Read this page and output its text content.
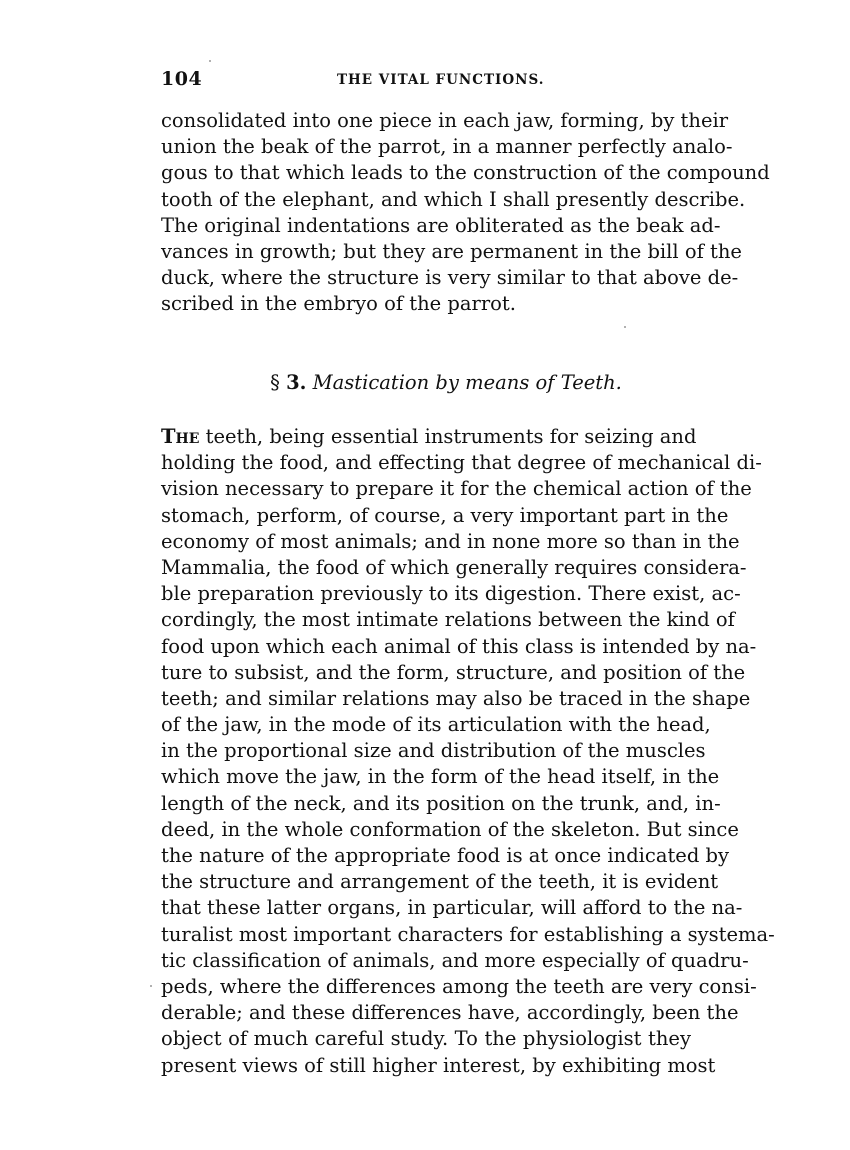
104	THE VITAL FUNCTIONS.
consolidated into one piece in each jaw, forming, by their
union the beak of the parrot, in a manner perfectly analo-
gous to that which leads to the construction of the compound
tooth of the elephant, and which I shall presently describe.
The original indentations are obliterated as the beak ad-
vances in growth; but they are permanent in the bill of the
duck, where the structure is very similar to that above de-
scribed in the embryo of the parrot.
§ 3. Mastication by means of Teeth.
The teeth, being essential instruments for seizing and
holding the food, and effecting that degree of mechanical di-
vision necessary to prepare it for the chemical action of the
stomach, perform, of course, a very important part in the
economy of most animals; and in none more so than in the
Mammalia, the food of which generally requires considera-
ble preparation previously to its digestion. There exist, ac-
cordingly, the most intimate relations between the kind of
food upon which each animal of this class is intended by na-
ture to subsist, and the form, structure, and position of the
teeth; and similar relations may also be traced in the shape
of the jaw, in the mode of its articulation with the head,
in the proportional size and distribution of the muscles
which move the jaw, in the form of the head itself, in the
length of the neck, and its position on the trunk, and, in-
deed, in the whole conformation of the skeleton. But since
the nature of the appropriate food is at once indicated by
the structure and arrangement of the teeth, it is evident
that these latter organs, in particular, will afford to the na-
turalist most important characters for establishing a systema-
tic classification of animals, and more especially of quadru-
peds, where the differences among the teeth are very consi-
derable; and these differences have, accordingly, been the
object of much careful study. To the physiologist they
present views of still higher interest, by exhibiting most
